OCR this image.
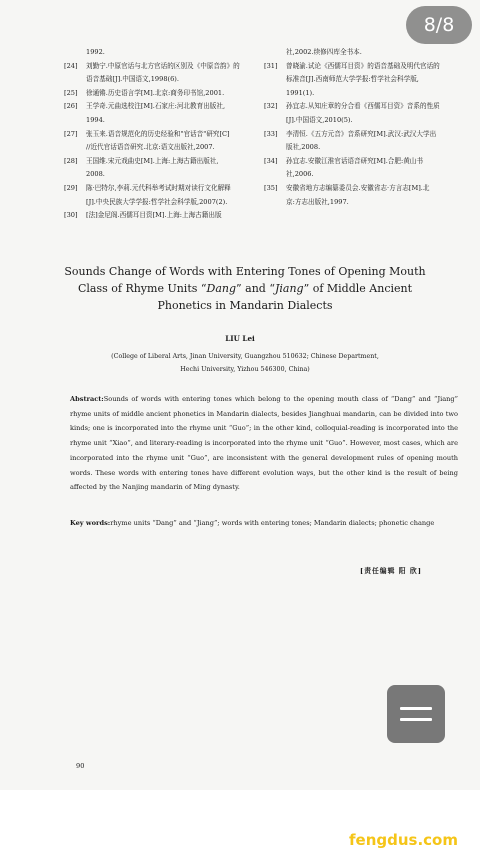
1992.
[24]	刘勤宁.中原官话与北方官话的区别及《中原音韵》的
语音基础[J].中国语文,1998(6).
[25]	徐通锵.历史语言学[M].北京:商务印书馆,2001.
[26]	王学奇.元曲选校注[M].石家庄:河北教育出版社,
1994.
[27]	张玉来.语音规范化的历史经验和"官话音"研究[C]
//近代官话语音研究.北京:语文出版社,2007.
[28]	王国维.宋元戏曲史[M].上海:上海古籍出版社,
2008.
[29]	陈·巴特尔,李莉.元代科举考试时期对读行文化解释
[J].中央民族大学学报:哲学社会科学版,2007(2).
[30]	[法]金尼阁.西儒耳目资[M].上海:上海古籍出版
社,2002.续修四库全书本.
[31]	曾晓渝.试论《西儒耳目资》的语音基础及明代官话的
标准音[J].西南师范大学学报:哲学社会科学版,
1991(1).
[32]	孙宜志.从知庄章的分合看《西儒耳目资》音系的性质
[J].中国语文,2010(5).
[33]	李清恒.《五方元音》音系研究[M].武汉:武汉大学出
版社,2008.
[34]	孙宜志.安徽江淮官话语音研究[M].合肥:黄山书
社,2006.
[35]	安徽省地方志编纂委员会.安徽省志·方言志[M].北
京:方志出版社,1997.
Sounds Change of Words with Entering Tones of Opening Mouth
Class of Rhyme Units “Dang” and “Jiang” of Middle Ancient
Phonetics in Mandarin Dialects
LIU Lei
(College of Liberal Arts, Jinan University, Guangzhou 510632; Chinese Department,
Hechi University, Yizhou 546300, China)
Abstract:Sounds of words with entering tones which belong to the opening mouth class of “Dang” and “Jiang” rhyme units of middle ancient phonetics in Mandarin dialects, besides Jianghuai mandarin, can be divided into two kinds; one is incorporated into the rhyme unit “Guo”; in the other kind, colloquial-reading is incorporated into the rhyme unit “Xiao”, and literary-reading is incorporated into the rhyme unit “Guo”. However, most cases, which are incorporated into the rhyme unit “Guo”, are inconsistent with the general development rules of opening mouth words. These words with entering tones have different evolution ways, but the other kind is the result of being affected by the Nanjing mandarin of Ming dynasty.
Key words:rhyme units “Dang” and “Jiang”; words with entering tones; Mandarin dialects; phonetic change
[责任编辑 阳 欣]
90
8/8
fengdus.com
